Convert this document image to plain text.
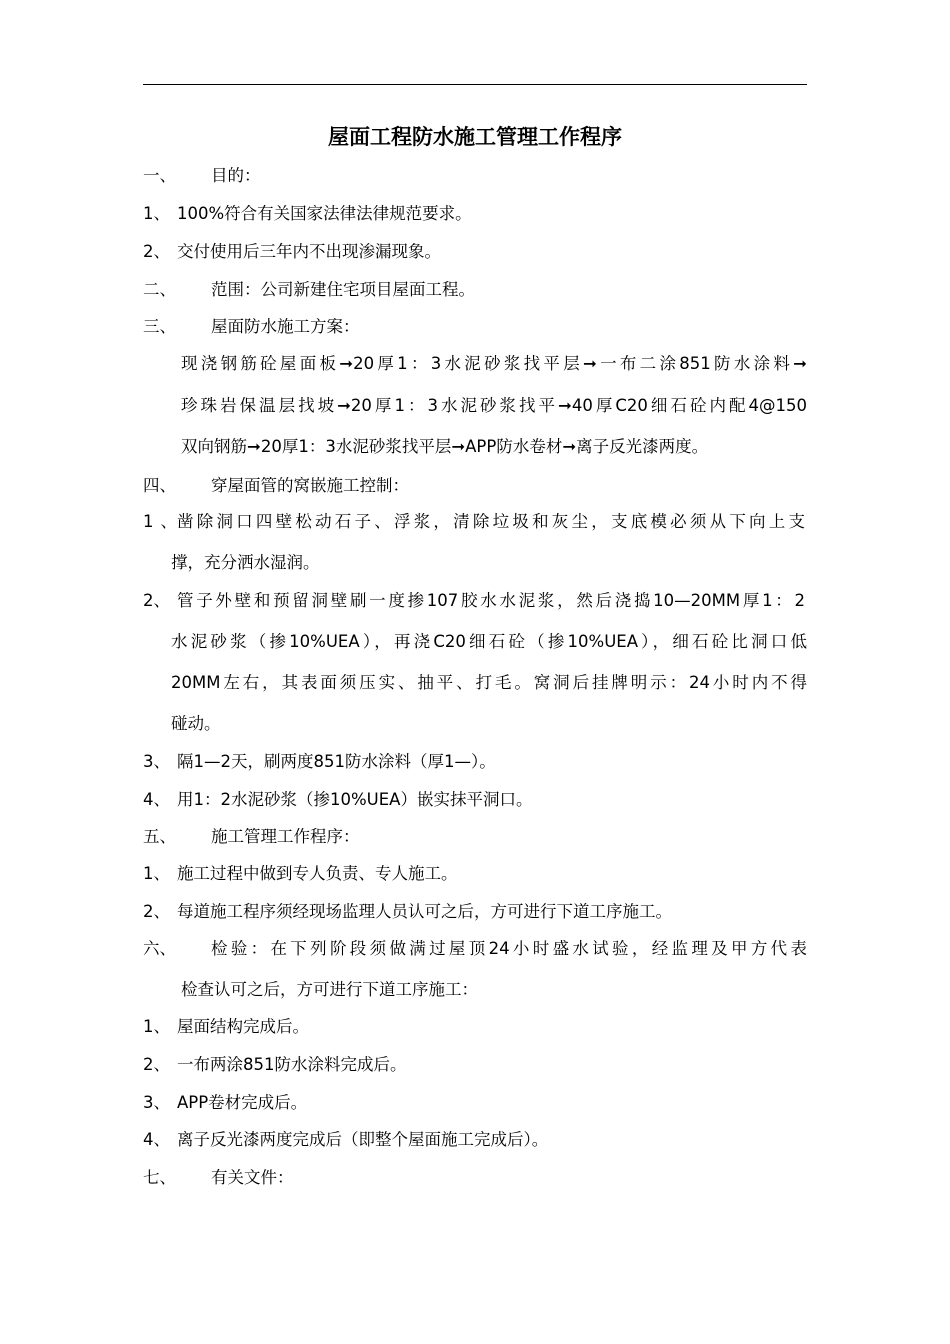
屋面工程防水施工管理工作程序
一、 目的：
1、 100%符合有关国家法律法律规范要求。
2、 交付使用后三年内不出现渗漏现象。
二、 范围：公司新建住宅项目屋面工程。
三、 屋面防水施工方案：
现浇钢筋砼屋面板➞20厚1：3水泥砂浆找平层➞一布二涂851防水涂料➞
珍珠岩保温层找坡➞20厚1：3水泥砂浆找平➞40厚C20细石砼内配4@150
双向钢筋➞20厚1：3水泥砂浆找平层➞APP防水卷材➞离子反光漆两度。
四、 穿屋面管的窝嵌施工控制：
1、凿除洞口四壁松动石子、浮浆，清除垃圾和灰尘，支底模必须从下向上支
撑，充分洒水湿润。
2、 管子外壁和预留洞壁刷一度掺107胶水水泥浆，然后浇捣10—20MM厚1：2
水泥砂浆（掺10%UEA），再浇C20细石砼（掺10%UEA），细石砼比洞口低
20MM左右，其表面须压实、抽平、打毛。窝洞后挂牌明示：24小时内不得
碰动。
3、 隔1—2天，刷两度851防水涂料（厚1—）。
4、 用1：2水泥砂浆（掺10%UEA）嵌实抹平洞口。
五、 施工管理工作程序：
1、 施工过程中做到专人负责、专人施工。
2、 每道施工程序须经现场监理人员认可之后，方可进行下道工序施工。
六、 检验：在下列阶段须做满过屋顶24小时盛水试验，经监理及甲方代表
检查认可之后，方可进行下道工序施工：
1、 屋面结构完成后。
2、 一布两涂851防水涂料完成后。
3、 APP卷材完成后。
4、 离子反光漆两度完成后（即整个屋面施工完成后）。
七、 有关文件：
